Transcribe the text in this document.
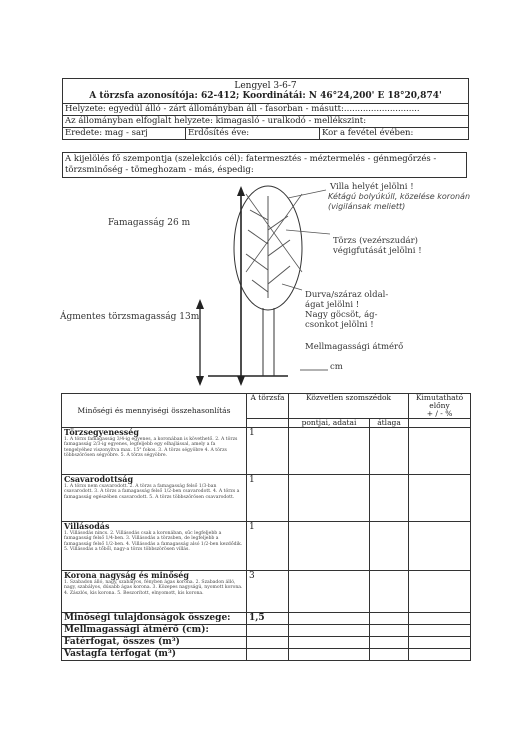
Lengyel 3-6-7
A törzsfa azonosítója: 62-412; Koordinátái: N 46°24,200' E 18°20,874'
Helyzete: egyedül álló - zárt állományban áll - fasorban - másutt:............................
Az állományban elfoglalt helyzete: kimagasló - uralkodó - mellékszint:
Eredete: mag - sarj	Erdősítés éve:	Kor a fevétel évében:
A kijelölés fő szempontja (szelekciós cél): fatermesztés - méztermelés - génmegőrzés - törzsminőség - tömeghozam - más, éspedig:
Famagasság 26 m
Ágmentes törzsmagasság 13m
Villa helyét jelölni !
Kétágú bolyúkúll, közelése koronán (vigilánsak meliett)
Törzs (vezérszudár)
végigfutását jelölni !
Durva/száraz oldal-
ágat jelölni !
Nagy göcsöt, ág-
csonkot jelölni !
Mellmagassági átmérő
cm
Minőségi és mennyiségi összehasonlítás	A törzsfa	Közvetlen szomszédok		Kimutatható előny
+ / - %
		pontjai, adatai	átlaga	

Törzsegyenesség
1. A törzs famagasság 3/4-ig egyenes, a koronában is követhető. 2. A törzs famagasság 2/3-ig egyenes, legfeljebb egy elhajlással, amely a fa tengelyéhez viszonyítva max. 15° fokos. 3. A törzs ségyöbre 4. A törzs többszörösen ségyöbre. 5. A törzs ségyöbre.	1			

Csavarodottság
1. A törzs nem csavarodott. 2. A törzs a famagasság felső 1/3-ban csavarodott. 3. A törzs a famagasság felső 1/2-ben csavarodott. 4. A törzs a famagasság egészében csavarodott. 5. A törzs többszörösen csavarodott.	1			

Villásodás
1. Villásodás nincs. 2. Villásodás csak a koronában, sűc legfeljebb a famagasság felső 1/4-ben. 3. Villásodás a törzsben, de legfeljebb a famagasság felső 1/2-ben. 4. Villásodás a famagasság alsó 1/2-ben kezdődik. 5. Villásodás a tőből, nagy-a törzs többszörösen villás.	1			

Korona nagyság és minőség
1. Szabadon álló, nagy, szabályos, fényben ágas korona. 2. Szabadon álló, nagy, szabályos, dúsabb ágas korona. 3. Közepes nagyságú, nyomott korona. 4. Zászlós, kis korona. 5. Beszorított, elnyomott, kis korona.	3			
Minőségi tulajdonságok összege:	1,5			
Mellmagassági átmérő (cm):				
Fatérfogat, összes (m³)				
Vastagfa térfogat (m³)				
